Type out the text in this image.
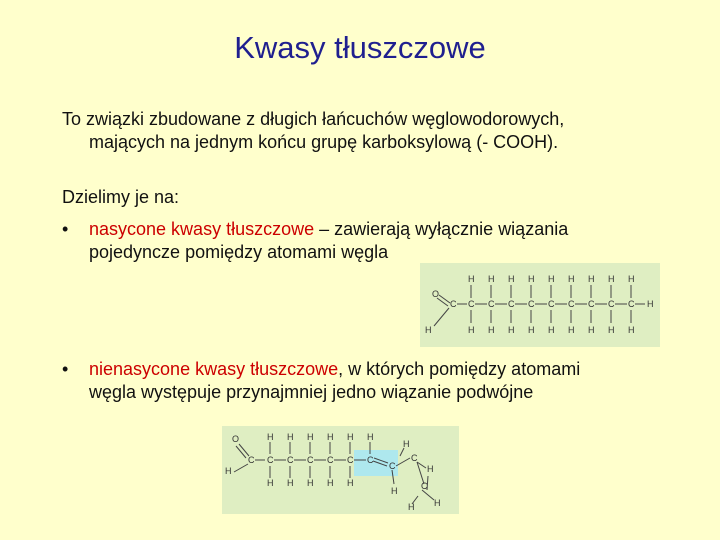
Kwasy tłuszczowe
To związki zbudowane z długich łańcuchów węglowodorowych,
mających na jednym końcu grupę karboksylową (- COOH).
Dzielimy je na:
• nasycone kwasy tłuszczowe – zawierają wyłącznie wiązania
pojedyncze pomiędzy atomami węgla
O
C
H
C C C C C C C C C H
H H H H H H H H H
H H H H H H H H H
• nienasycone kwasy tłuszczowe, w których pomiędzy atomami
węgla występuje przynajmniej jedno wiązanie podwójne
O
C
H
C C C C C C
C
C
C
H H H H H H
H
H
H H H H H
H
H H
